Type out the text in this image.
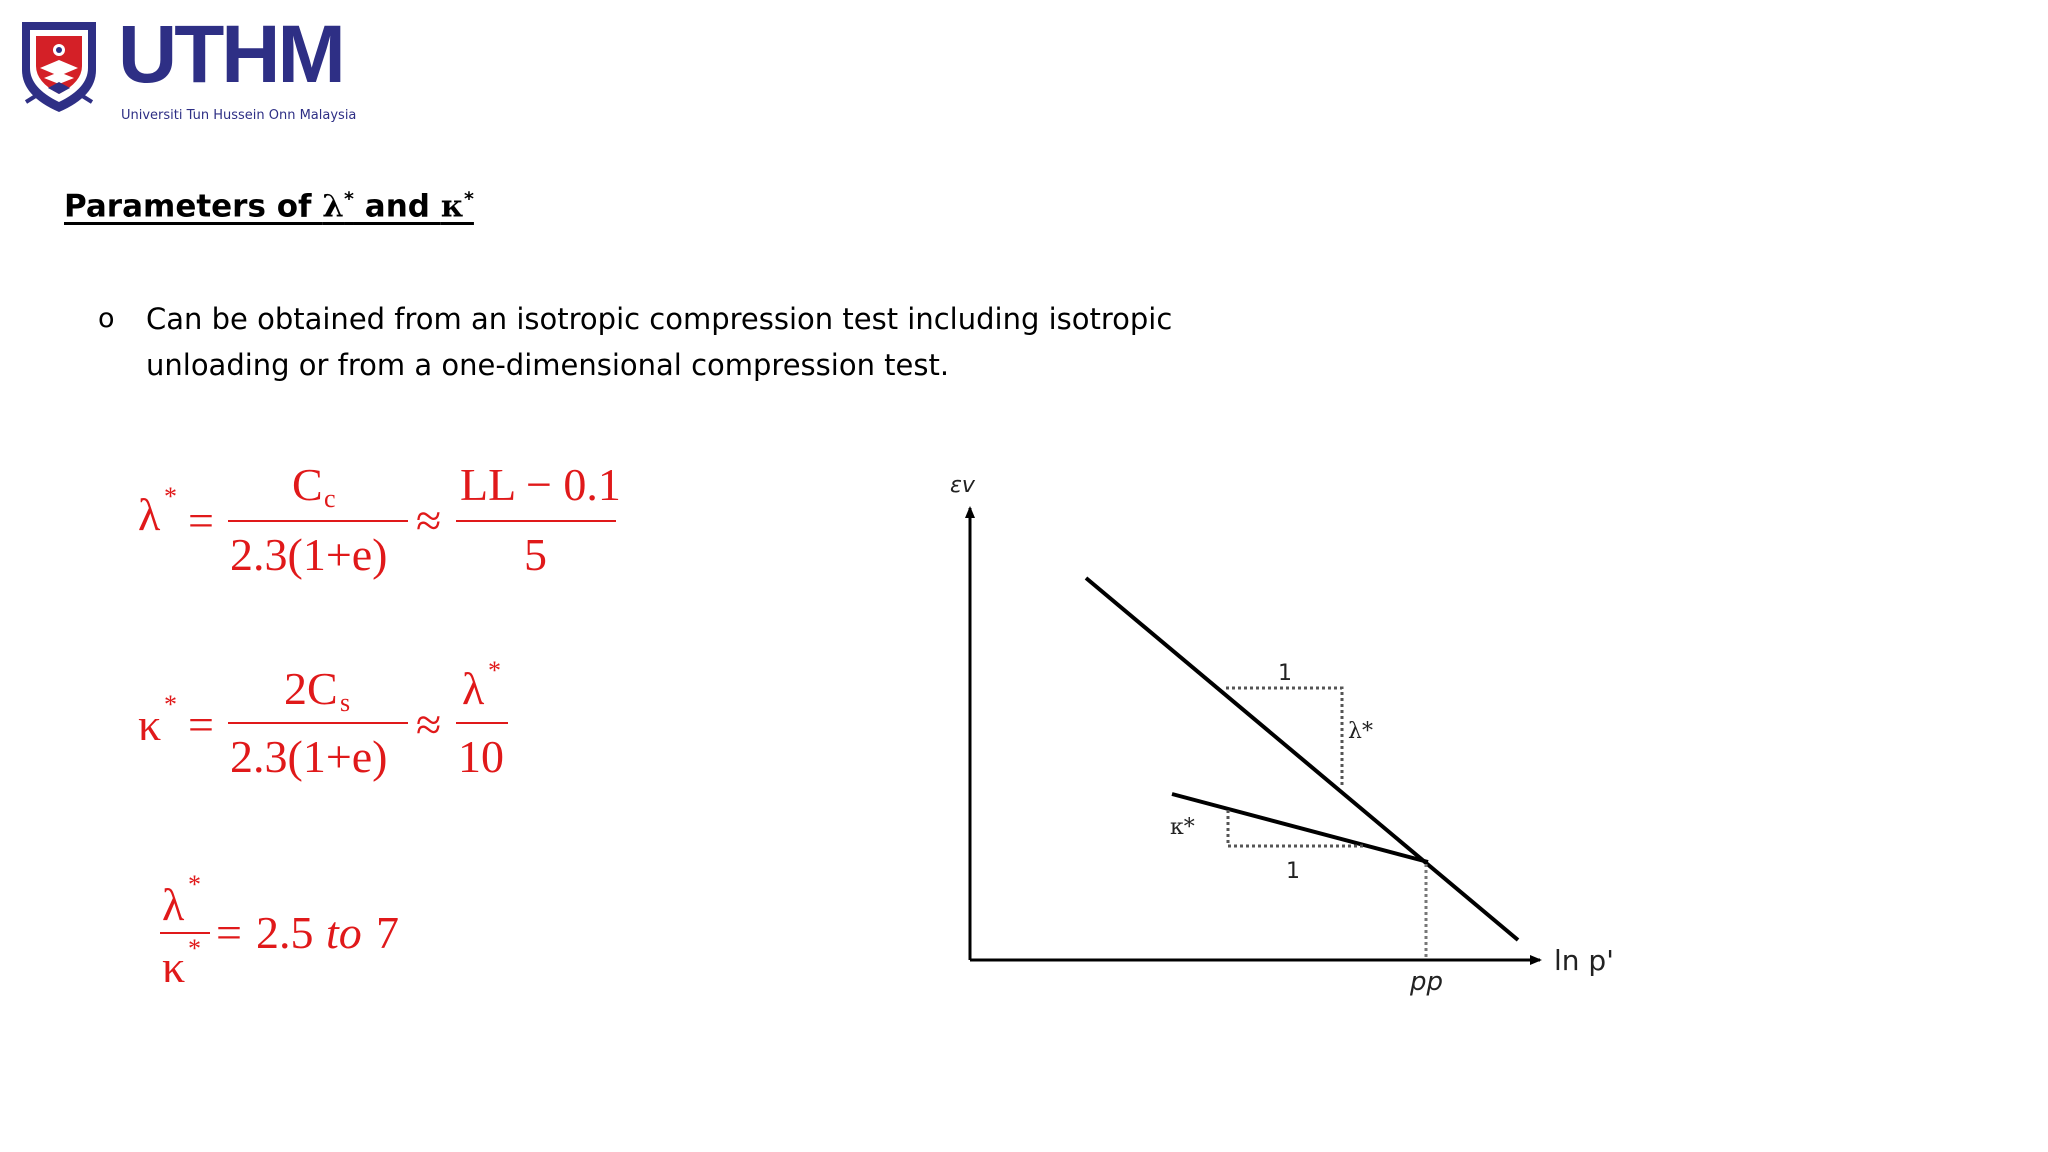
UTHM
Universiti Tun Hussein Onn Malaysia
Parameters of λ* and κ*
o Can be obtained from an isotropic compression test including isotropic unloading or from a one-dimensional compression test.
λ * =
C c
2.3(1+e)
≈
LL − 0.1
5
κ * =
2C s
2.3(1+e)
≈
λ *
10
λ *
κ * = 2.5 to 7
εv
ln p'
pp
λ*
κ*
1
1
